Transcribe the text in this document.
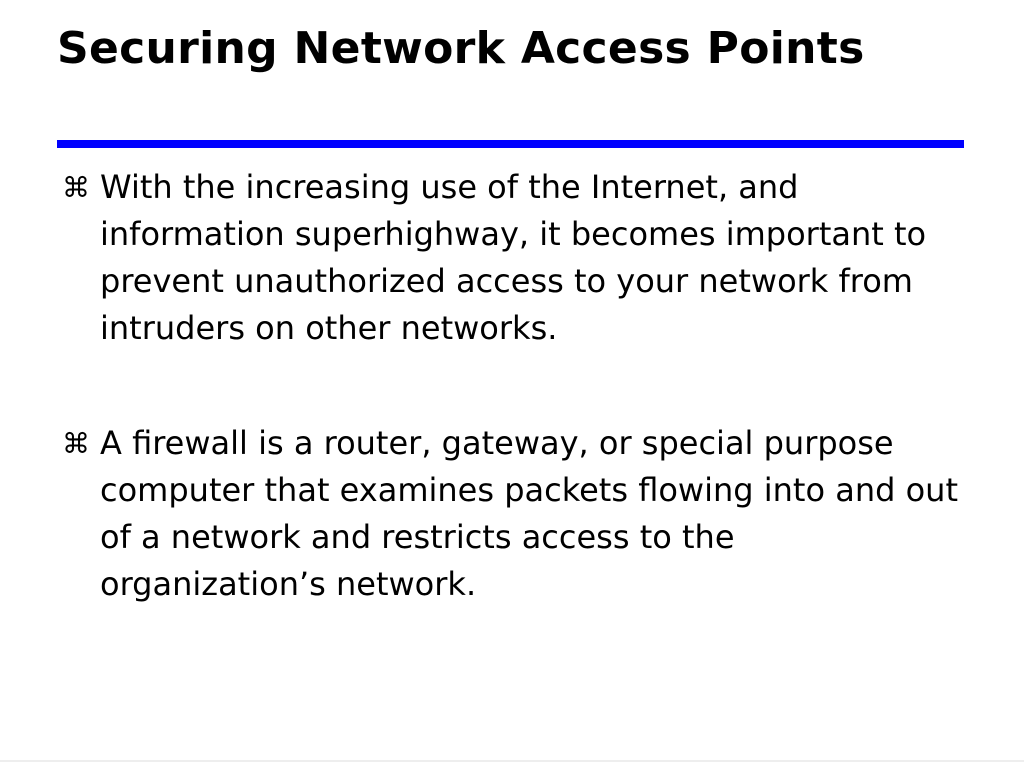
Securing Network Access Points
⌘ With the increasing use of the Internet, and information superhighway, it becomes important to prevent unauthorized access to your network from intruders on other networks.
⌘ A firewall is a router, gateway, or special purpose computer that examines packets flowing into and out of a network and restricts access to the organization’s network.
